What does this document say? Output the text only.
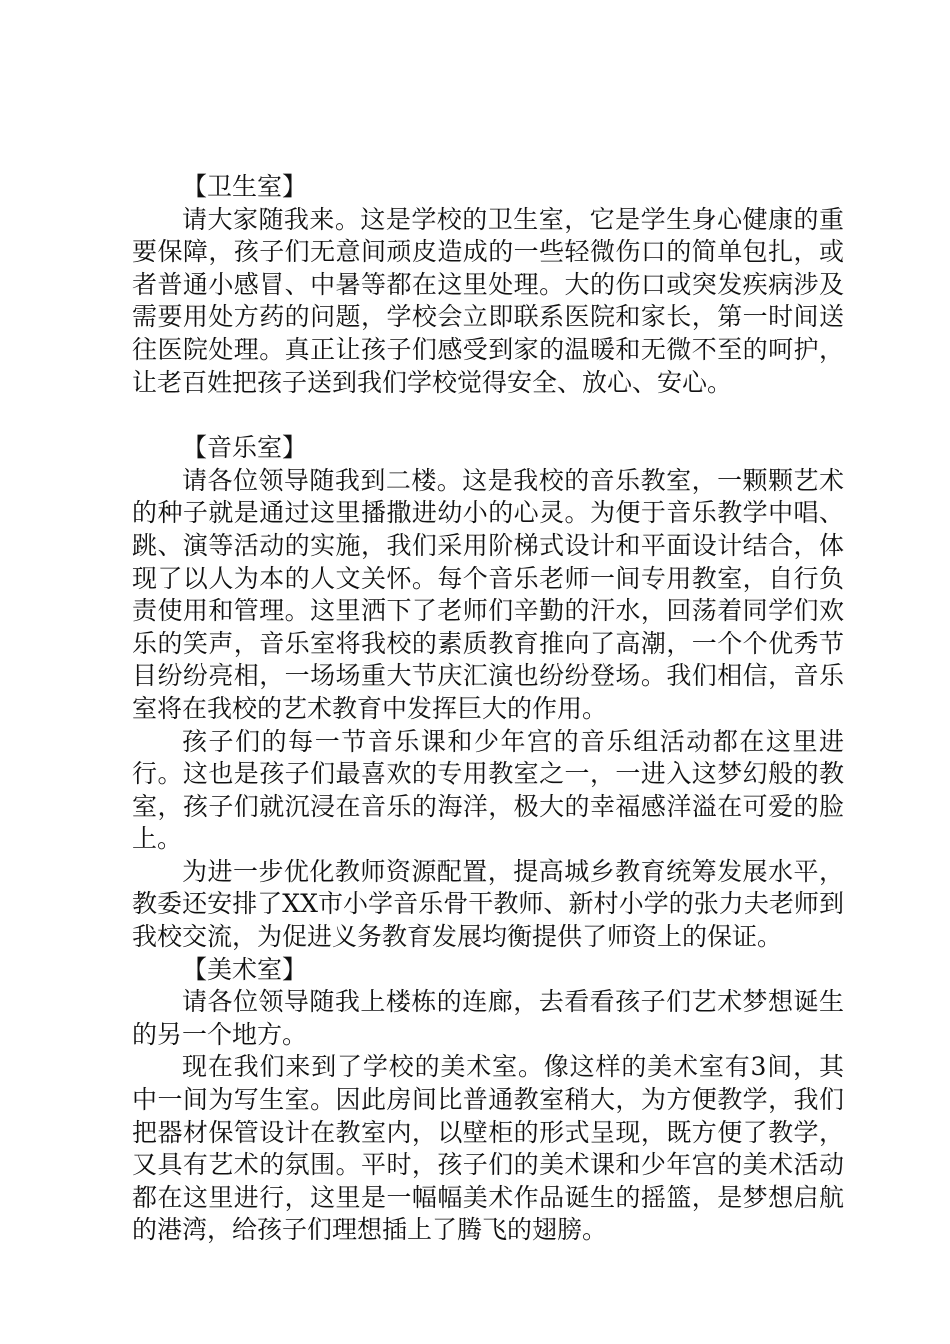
【卫生室】

请大家随我来。这是学校的卫生室，它是学生身心健康的重要保障，孩子们无意间顽皮造成的一些轻微伤口的简单包扎，或者普通小感冒、中暑等都在这里处理。大的伤口或突发疾病涉及需要用处方药的问题，学校会立即联系医院和家长，第一时间送往医院处理。真正让孩子们感受到家的温暖和无微不至的呵护，让老百姓把孩子送到我们学校觉得安全、放心、安心。

【音乐室】

请各位领导随我到二楼。这是我校的音乐教室，一颗颗艺术的种子就是通过这里播撒进幼小的心灵。为便于音乐教学中唱、跳、演等活动的实施，我们采用阶梯式设计和平面设计结合，体现了以人为本的人文关怀。每个音乐老师一间专用教室，自行负责使用和管理。这里洒下了老师们辛勤的汗水，回荡着同学们欢乐的笑声，音乐室将我校的素质教育推向了高潮，一个个优秀节目纷纷亮相，一场场重大节庆汇演也纷纷登场。我们相信，音乐室将在我校的艺术教育中发挥巨大的作用。

孩子们的每一节音乐课和少年宫的音乐组活动都在这里进行。这也是孩子们最喜欢的专用教室之一，一进入这梦幻般的教室，孩子们就沉浸在音乐的海洋，极大的幸福感洋溢在可爱的脸上。

为进一步优化教师资源配置，提高城乡教育统筹发展水平，教委还安排了XX市小学音乐骨干教师、新村小学的张力夫老师到我校交流，为促进义务教育发展均衡提供了师资上的保证。

【美术室】

请各位领导随我上楼栋的连廊，去看看孩子们艺术梦想诞生的另一个地方。

现在我们来到了学校的美术室。像这样的美术室有3间，其中一间为写生室。因此房间比普通教室稍大，为方便教学，我们把器材保管设计在教室内，以壁柜的形式呈现，既方便了教学，又具有艺术的氛围。平时，孩子们的美术课和少年宫的美术活动都在这里进行，这里是一幅幅美术作品诞生的摇篮，是梦想启航的港湾，给孩子们理想插上了腾飞的翅膀。
